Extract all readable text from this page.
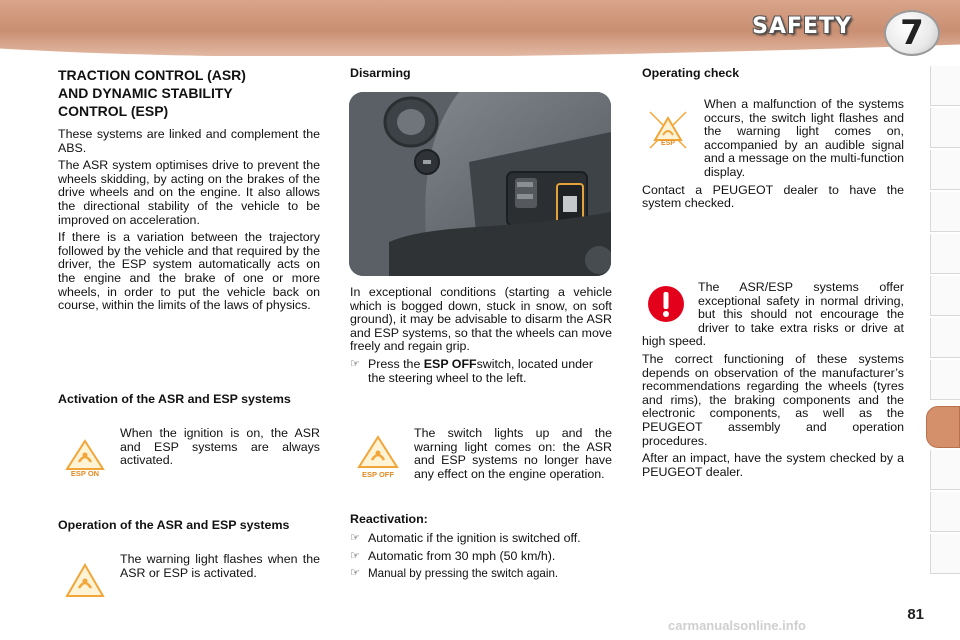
SAFETY	7
TRACTION CONTROL (ASR)
AND DYNAMIC STABILITY
CONTROL (ESP)

These systems are linked and complement the ABS.

The ASR system optimises drive to prevent the wheels skidding, by acting on the brakes of the drive wheels and on the engine. It also allows the directional stability of the vehicle to be improved on acceleration.

If there is a variation between the trajectory followed by the vehicle and that required by the driver, the ESP system automatically acts on the engine and the brake of one or more wheels, in order to put the vehicle back on course, within the limits of the laws of physics.

Activation of the ASR and ESP systems
ESP ON
When the ignition is on, the ASR and ESP systems are always activated.
Operation of the ASR and ESP systems
The warning light flashes when the ASR or ESP is activated.
Disarming

In exceptional conditions (starting a vehicle which is bogged down, stuck in snow, on soft ground), it may be advisable to disarm the ASR and ESP systems, so that the wheels can move freely and regain grip.

☞ Press the ESP OFFswitch, located under the steering wheel to the left.
ESP OFF
The switch lights up and the warning light comes on: the ASR and ESP systems no longer have any effect on the engine operation.
Reactivation:
☞ Automatic if the ignition is switched off.
☞ Automatic from 30 mph (50 km/h).
☞ Manual by pressing the switch again.
Operating check
ESP

When a malfunction of the systems occurs, the switch light flashes and the warning light comes on, accompanied by an audible signal and a message on the multi-function display.

Contact a PEUGEOT dealer to have the system checked.

The ASR/ESP systems offer exceptional safety in normal driving, but this should not encourage the driver to take extra risks or drive at high speed.

The correct functioning of these systems depends on observation of the manufacturer’s recommendations regarding the wheels (tyres and rims), the braking components and the electronic components, as well as the PEUGEOT assembly and operation procedures.

After an impact, have the system checked by a PEUGEOT dealer.

81
carmanualsonline.info
